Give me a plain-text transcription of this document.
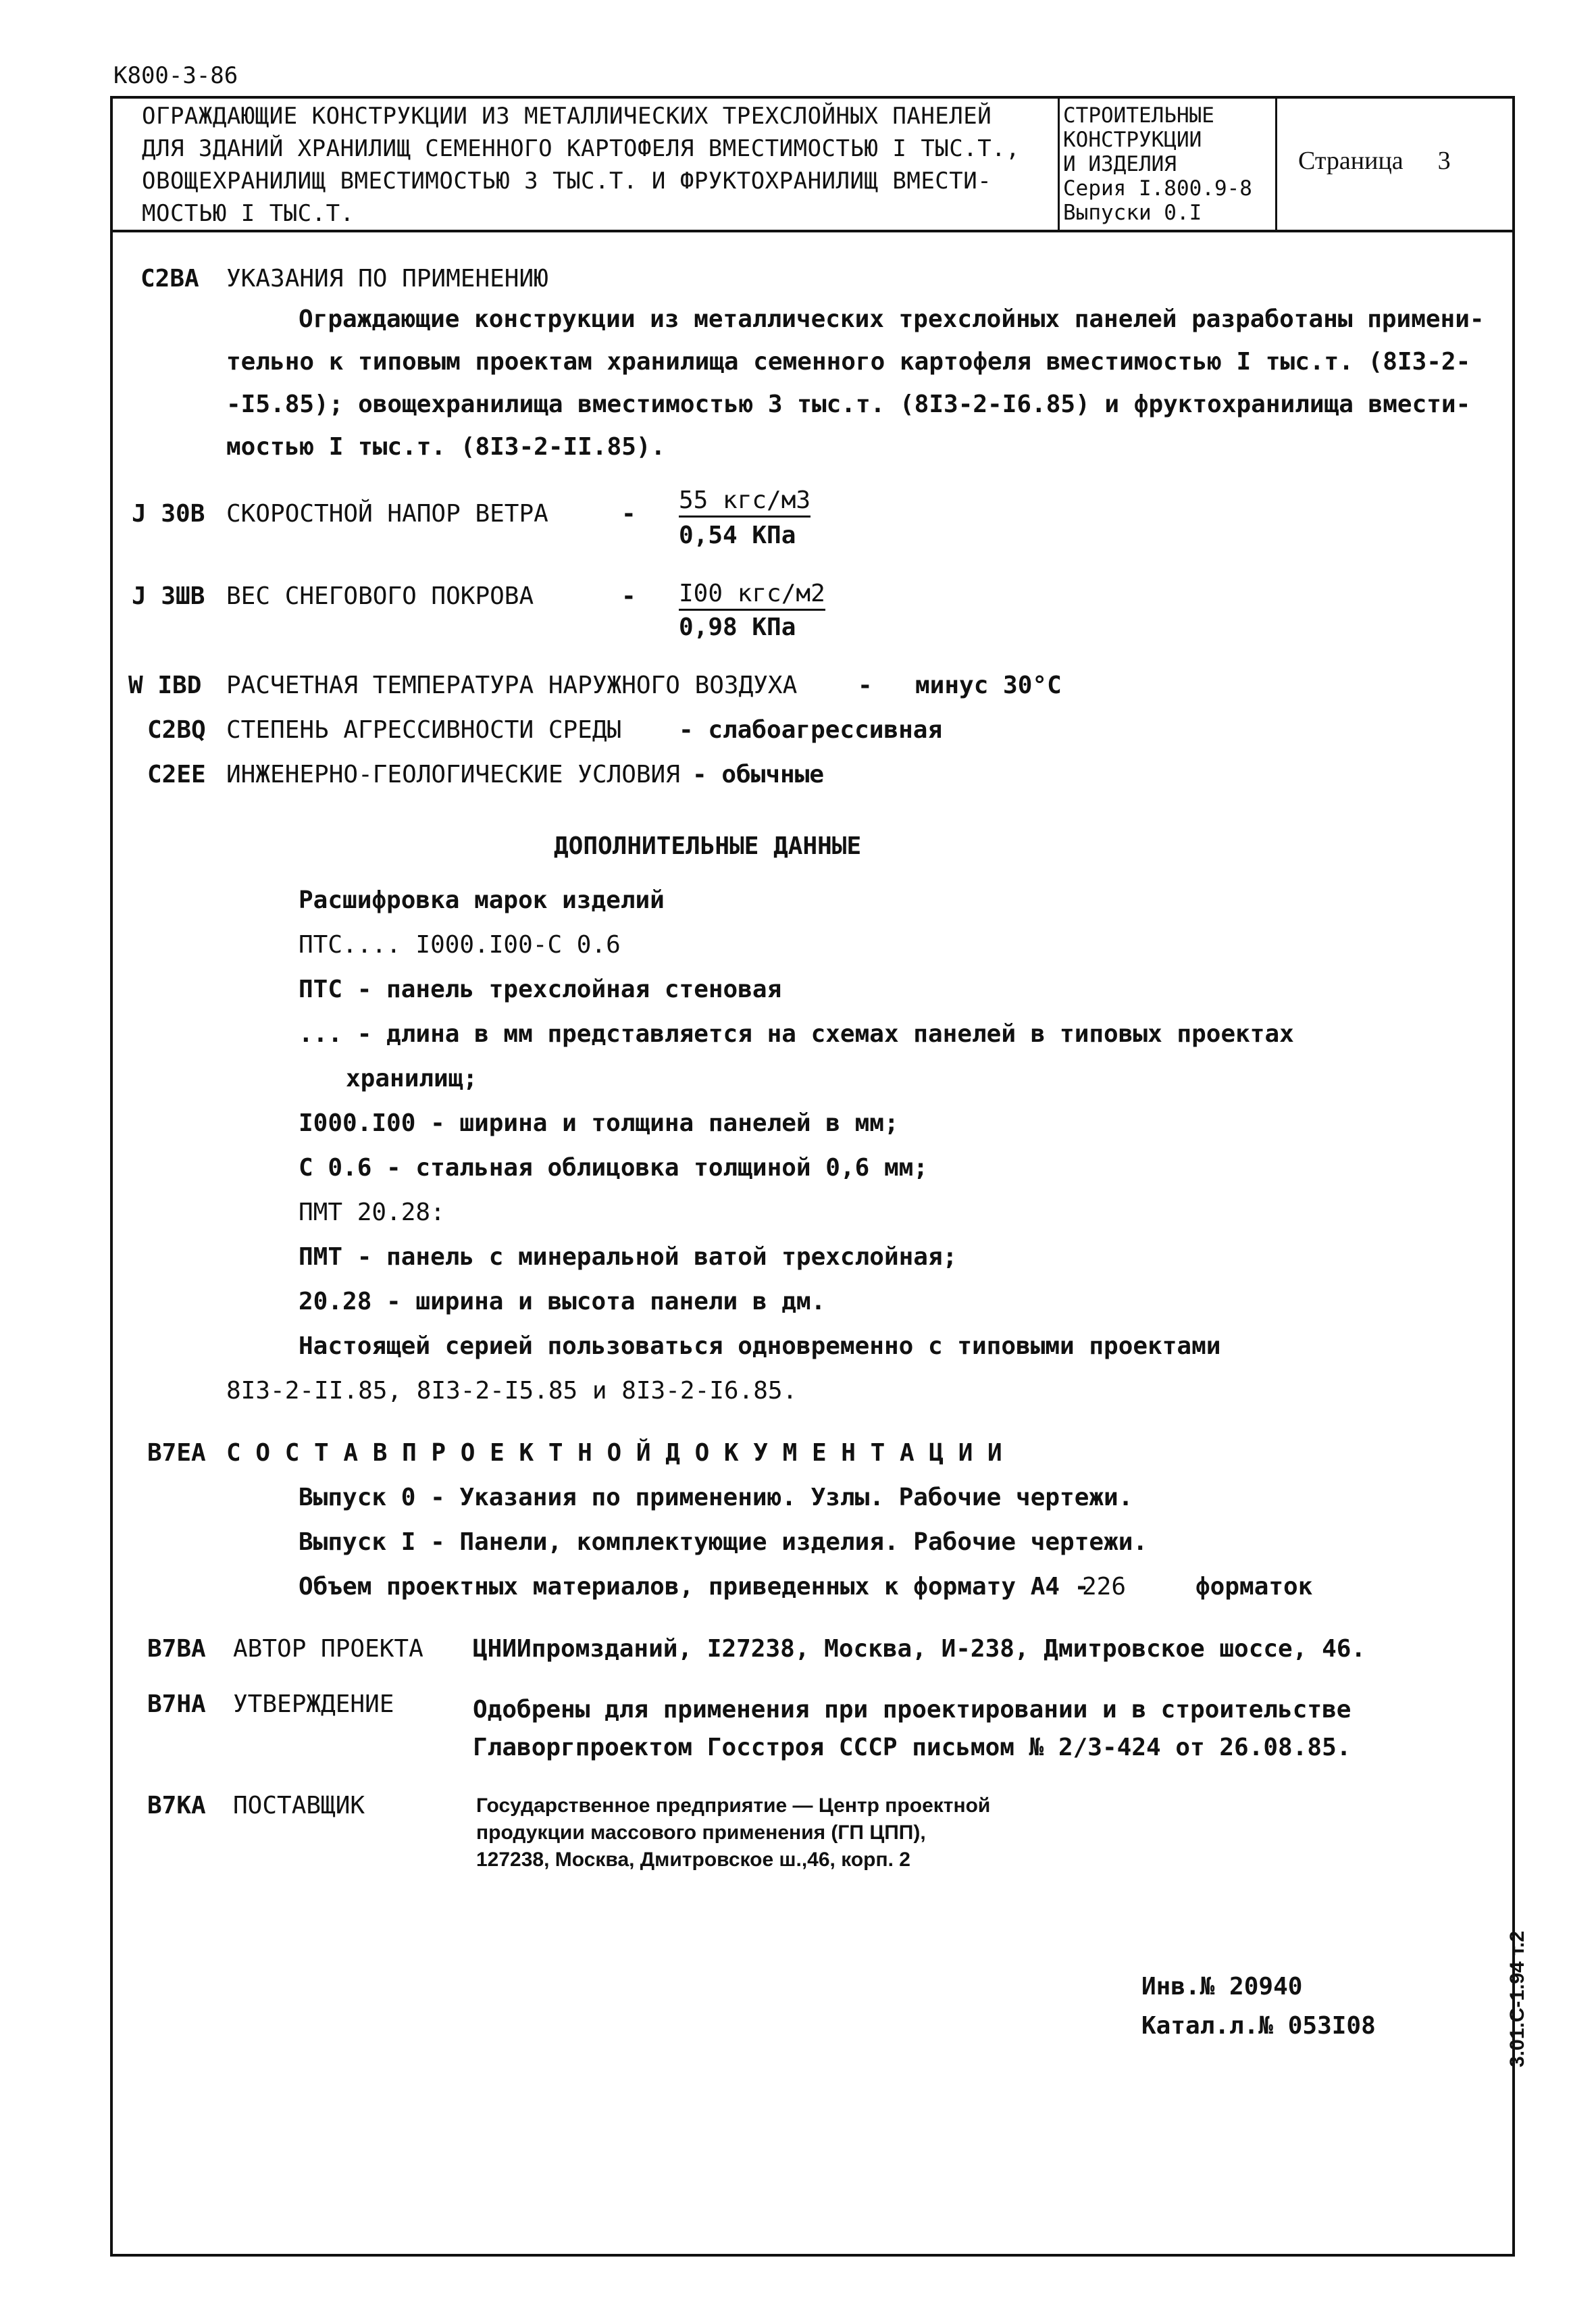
К800-3-86
ОГРАЖДАЮЩИЕ КОНСТРУКЦИИ ИЗ МЕТАЛЛИЧЕСКИХ ТРЕХСЛОЙНЫХ ПАНЕЛЕЙ
ДЛЯ ЗДАНИЙ ХРАНИЛИЩ СЕМЕННОГО КАРТОФЕЛЯ ВМЕСТИМОСТЬЮ I ТЫС.Т.,
ОВОЩЕХРАНИЛИЩ ВМЕСТИМОСТЬЮ 3 ТЫС.Т. И ФРУКТОХРАНИЛИЩ ВМЕСТИ-
МОСТЬЮ I ТЫС.Т.
СТРОИТЕЛЬНЫЕ
КОНСТРУКЦИИ
И ИЗДЕЛИЯ
Серия I.800.9-8
Выпуски 0.I
Страница 3
С2ВА УКАЗАНИЯ ПО ПРИМЕНЕНИЮ
Ограждающие конструкции из металлических трехслойных панелей разработаны примени-
тельно к типовым проектам хранилища семенного картофеля вместимостью I тыс.т. (8I3-2-
-I5.85); овощехранилища вместимостью 3 тыс.т. (8I3-2-I6.85) и фруктохранилища вмести-
мостью I тыс.т. (8I3-2-II.85).
J 30В СКОРОСТНОЙ НАПОР ВЕТРА	- 55 кгс/м3
0,54 КПа
J 3ШВ ВЕС СНЕГОВОГО ПОКРОВА	- I00 кгс/м2
0,98 КПа
W IВD РАСЧЕТНАЯ ТЕМПЕРАТУРА НАРУЖНОГО ВОЗДУХА - минус 30°С
С2ВQ СТЕПЕНЬ АГРЕССИВНОСТИ СРЕДЫ - слабоагрессивная
С2ЕЕ ИНЖЕНЕРНО-ГЕОЛОГИЧЕСКИЕ УСЛОВИЯ - обычные
ДОПОЛНИТЕЛЬНЫЕ ДАННЫЕ
Расшифровка марок изделий
ПТС.... I000.I00-С 0.6
ПТС - панель трехслойная стеновая
... - длина в мм представляется на схемах панелей в типовых проектах
хранилищ;
I000.I00 - ширина и толщина панелей в мм;
С 0.6 - стальная облицовка толщиной 0,6 мм;
ПМТ 20.28:
ПМТ - панель с минеральной ватой трехслойная;
20.28 - ширина и высота панели в дм.
Настоящей серией пользоваться одновременно с типовыми проектами
8I3-2-II.85, 8I3-2-I5.85 и 8I3-2-I6.85.
В7ЕА С О С Т А В П Р О Е К Т Н О Й Д О К У М Е Н Т А Ц И И
Выпуск 0 - Указания по применению. Узлы. Рабочие чертежи.
Выпуск I - Панели, комплектующие изделия. Рабочие чертежи.
Объем проектных материалов, приведенных к формату А4 -
226	форматок
В7ВА АВТОР ПРОЕКТА ЦНИИпромзданий, I27238, Москва, И-238, Дмитровское шоссе, 46.
В7НА УТВЕРЖДЕНИЕ	Одобрены для применения при проектировании и в строительстве
Главоргпроектом Госстроя СССР письмом № 2/3-424 от 26.08.85.
В7КА ПОСТАВЩИК	Государственное предприятие — Центр проектной
продукции массового применения (ГП ЦПП),
127238, Москва, Дмитровское ш.,46, корп. 2
Инв.№ 20940
Катал.л.№ 053I08	3.01.С-1.94 т.2
